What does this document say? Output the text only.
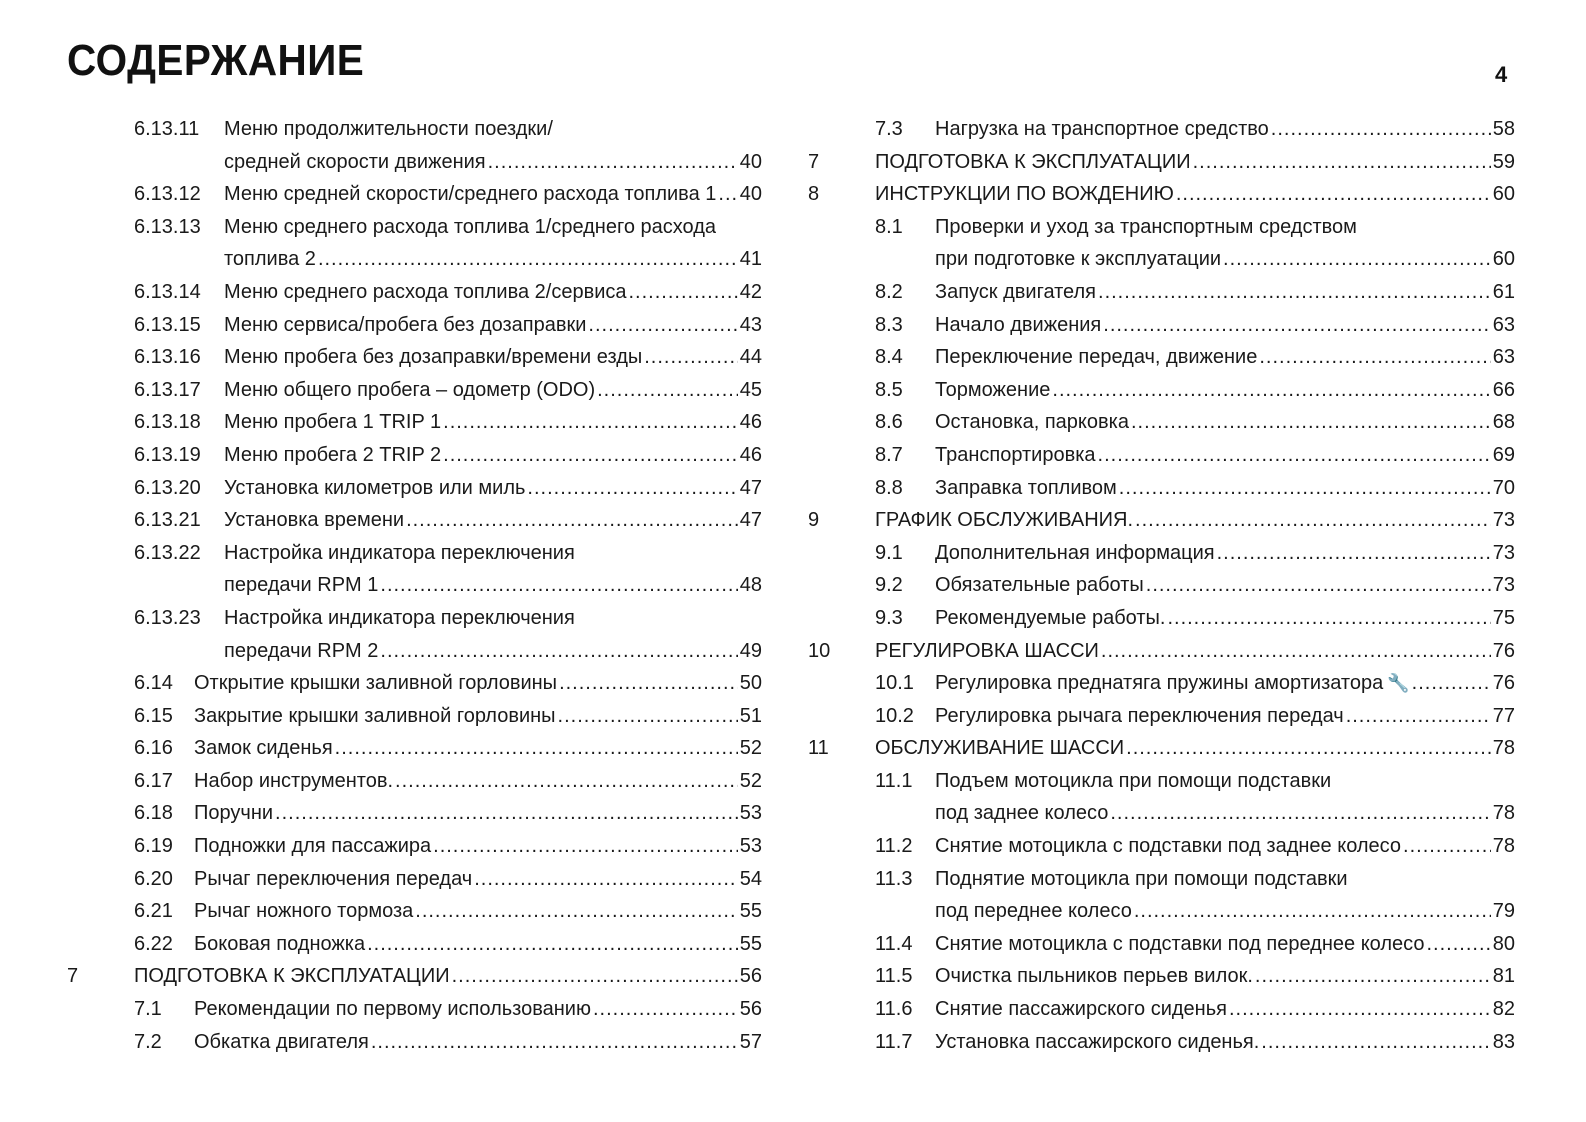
СОДЕРЖАНИЕ	4
6.13.11 Меню продолжительности поездки/
средней скорости движения .....	40
6.13.12 Меню средней скорости/среднего расхода топлива 1 ..... 40
6.13.13 Меню среднего расхода топлива 1/среднего расхода
топлива 2 .....	41
6.13.14 Меню среднего расхода топлива 2/сервиса .....	42
6.13.15 Меню сервиса/пробега без дозаправки .....	43
6.13.16 Меню пробега без дозаправки/времени езды .....	44
6.13.17 Меню общего пробега – одометр (ODO) .....	45
6.13.18 Меню пробега 1 TRIP 1 .....	46
6.13.19 Меню пробега 2 TRIP 2 .....	46
6.13.20 Установка километров или миль .....	47
6.13.21 Установка времени .....	47
6.13.22 Настройка индикатора переключения
передачи RPM 1 .....	48
6.13.23 Настройка индикатора переключения
передачи RPM 2 .....	49
6.14 Открытие крышки заливной горловины .....	50
6.15 Закрытие крышки заливной горловины .....	51
6.16 Замок сиденья .....	52
6.17 Набор инструментов. .....	52
6.18 Поручни .....	53
6.19 Подножки для пассажира .....	53
6.20 Рычаг переключения передач .....	54
6.21 Рычаг ножного тормоза .....	55
6.22 Боковая подножка .....	55
7	ПОДГОТОВКА К ЭКСПЛУАТАЦИИ .....	56
7.1 Рекомендации по первому использованию .....	56
7.2 Обкатка двигателя .....	57
7.3 Нагрузка на транспортное средство .....	58
7	ПОДГОТОВКА К ЭКСПЛУАТАЦИИ .....	59
8	ИНСТРУКЦИИ ПО ВОЖДЕНИЮ .....	60
8.1 Проверки и уход за транспортным средством
при подготовке к эксплуатации .....	60
8.2 Запуск двигателя .....	61
8.3 Начало движения .....	63
8.4 Переключение передач, движение .....	63
8.5 Торможение .....	66
8.6 Остановка, парковка .....	68
8.7 Транспортировка .....	69
8.8 Заправка топливом .....	70
9	ГРАФИК ОБСЛУЖИВАНИЯ. .....	73
9.1 Дополнительная информация .....	73
9.2 Обязательные работы .....	73
9.3 Рекомендуемые работы. .....	75
10 РЕГУЛИРОВКА ШАССИ .....	76
10.1 Регулировка преднатяга пружины амортизатора 🔧 .....	76
10.2 Регулировка рычага переключения передач .....	77
11 ОБСЛУЖИВАНИЕ ШАССИ .....	78
11.1 Подъем мотоцикла при помощи подставки
под заднее колесо .....	78
11.2 Снятие мотоцикла с подставки под заднее колесо .....	78
11.3 Поднятие мотоцикла при помощи подставки
под переднее колесо .....	79
11.4 Снятие мотоцикла с подставки под переднее колесо .....	80
11.5 Очистка пыльников перьев вилок. .....	81
11.6 Снятие пассажирского сиденья .....	82
11.7 Установка пассажирского сиденья. .....	83
